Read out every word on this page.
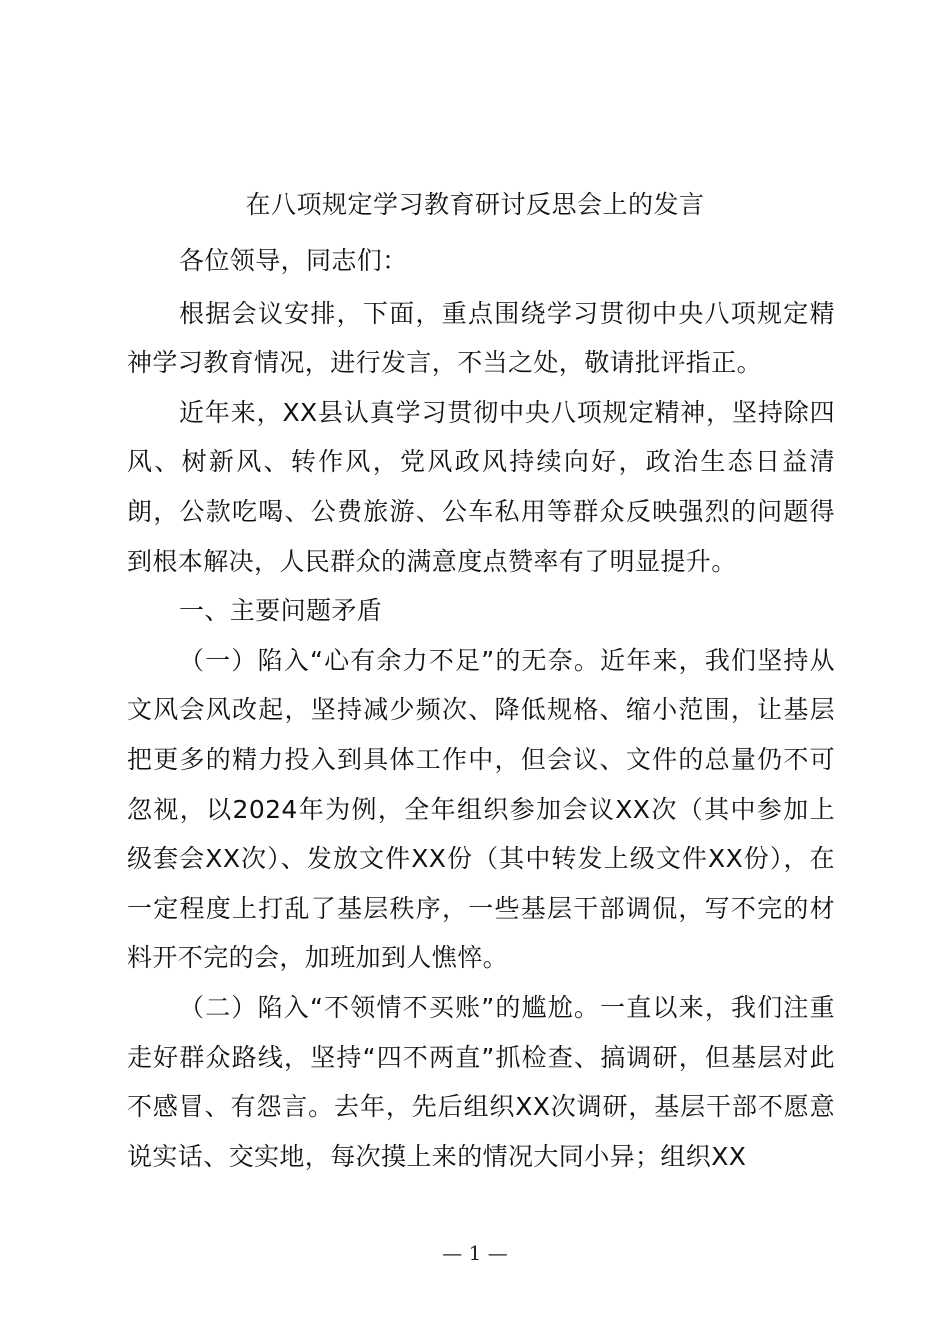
在八项规定学习教育研讨反思会上的发言

各位领导，同志们：

根据会议安排，下面，重点围绕学习贯彻中央八项规定精神学习教育情况，进行发言，不当之处，敬请批评指正。

近年来，XX县认真学习贯彻中央八项规定精神，坚持除四风、树新风、转作风，党风政风持续向好，政治生态日益清朗，公款吃喝、公费旅游、公车私用等群众反映强烈的问题得到根本解决，人民群众的满意度点赞率有了明显提升。

一、主要问题矛盾

（一）陷入“心有余力不足”的无奈。近年来，我们坚持从文风会风改起，坚持减少频次、降低规格、缩小范围，让基层把更多的精力投入到具体工作中，但会议、文件的总量仍不可忽视，以2024年为例，全年组织参加会议XX次（其中参加上级套会XX次）、发放文件XX份（其中转发上级文件XX份），在一定程度上打乱了基层秩序，一些基层干部调侃，写不完的材料开不完的会，加班加到人憔悴。

（二）陷入“不领情不买账”的尴尬。一直以来，我们注重走好群众路线，坚持“四不两直”抓检查、搞调研，但基层对此不感冒、有怨言。去年，先后组织XX次调研，基层干部不愿意说实话、交实地，每次摸上来的情况大同小异；组织XX

— 1 —
